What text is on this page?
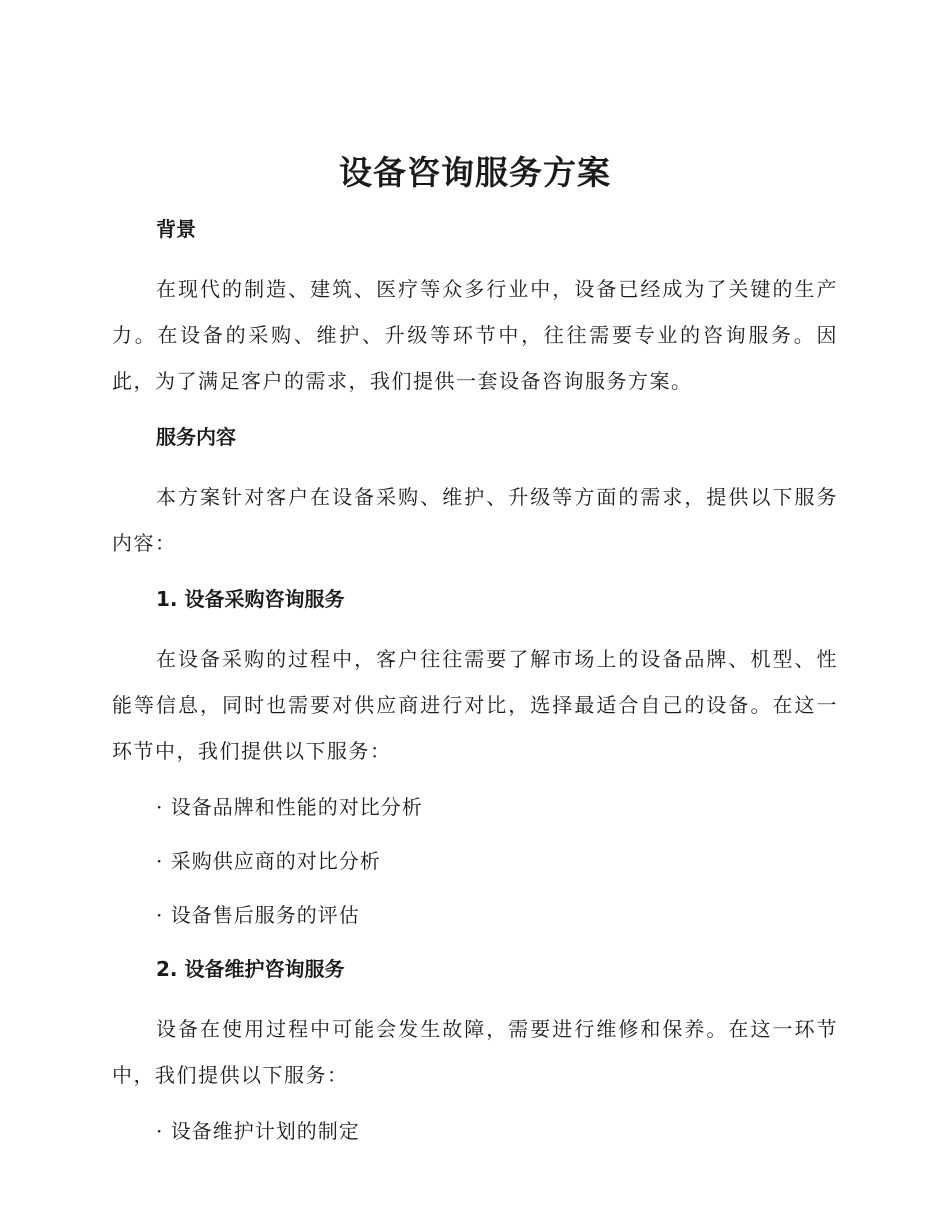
设备咨询服务方案
背景

在现代的制造、建筑、医疗等众多行业中，设备已经成为了关键的生产力。在设备的采购、维护、升级等环节中，往往需要专业的咨询服务。因此，为了满足客户的需求，我们提供一套设备咨询服务方案。

服务内容

本方案针对客户在设备采购、维护、升级等方面的需求，提供以下服务内容：

1. 设备采购咨询服务

在设备采购的过程中，客户往往需要了解市场上的设备品牌、机型、性能等信息，同时也需要对供应商进行对比，选择最适合自己的设备。在这一环节中，我们提供以下服务：

· 设备品牌和性能的对比分析

· 采购供应商的对比分析

· 设备售后服务的评估

2. 设备维护咨询服务

设备在使用过程中可能会发生故障，需要进行维修和保养。在这一环节中，我们提供以下服务：

· 设备维护计划的制定
